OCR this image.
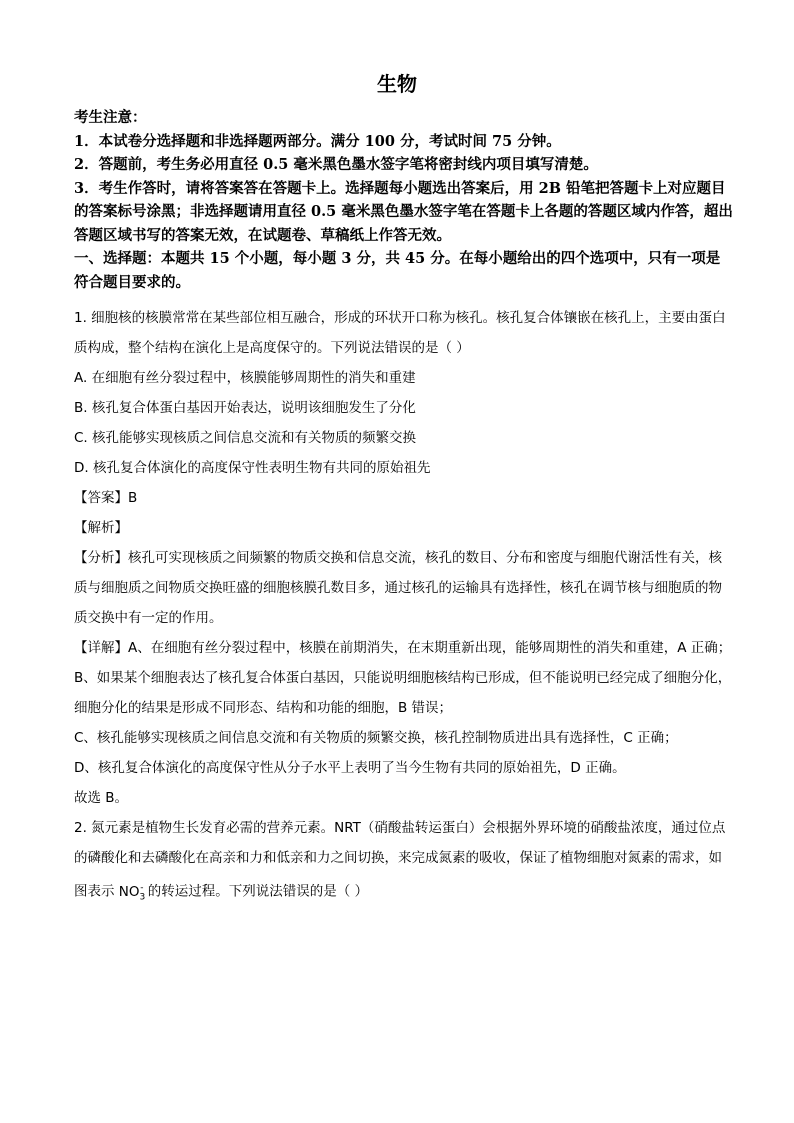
生物

考生注意：

1．本试卷分选择题和非选择题两部分。满分 100 分，考试时间 75 分钟。

2．答题前，考生务必用直径 0.5 毫米黑色墨水签字笔将密封线内项目填写清楚。

3．考生作答时，请将答案答在答题卡上。选择题每小题选出答案后，用 2B 铅笔把答题卡上对应题目的答案标号涂黑；非选择题请用直径 0.5 毫米黑色墨水签字笔在答题卡上各题的答题区域内作答，超出答题区域书写的答案无效，在试题卷、草稿纸上作答无效。

一、选择题：本题共 15 个小题，每小题 3 分，共 45 分。在每小题给出的四个选项中，只有一项是符合题目要求的。

1. 细胞核的核膜常常在某些部位相互融合，形成的环状开口称为核孔。核孔复合体镶嵌在核孔上，主要由蛋白质构成，整个结构在演化上是高度保守的。下列说法错误的是（ ）

A. 在细胞有丝分裂过程中，核膜能够周期性的消失和重建

B. 核孔复合体蛋白基因开始表达，说明该细胞发生了分化

C. 核孔能够实现核质之间信息交流和有关物质的频繁交换

D. 核孔复合体演化的高度保守性表明生物有共同的原始祖先

【答案】B

【解析】

【分析】核孔可实现核质之间频繁的物质交换和信息交流，核孔的数目、分布和密度与细胞代谢活性有关，核质与细胞质之间物质交换旺盛的细胞核膜孔数目多，通过核孔的运输具有选择性，核孔在调节核与细胞质的物质交换中有一定的作用。

【详解】A、在细胞有丝分裂过程中，核膜在前期消失，在末期重新出现，能够周期性的消失和重建，A 正确；

B、如果某个细胞表达了核孔复合体蛋白基因，只能说明细胞核结构已形成，但不能说明已经完成了细胞分化，细胞分化的结果是形成不同形态、结构和功能的细胞，B 错误；

C、核孔能够实现核质之间信息交流和有关物质的频繁交换，核孔控制物质进出具有选择性，C 正确；

D、核孔复合体演化的高度保守性从分子水平上表明了当今生物有共同的原始祖先，D 正确。

故选 B。

2. 氮元素是植物生长发育必需的营养元素。NRT（硝酸盐转运蛋白）会根据外界环境的硝酸盐浓度，通过位点的磷酸化和去磷酸化在高亲和力和低亲和力之间切换，来完成氮素的吸收，保证了植物细胞对氮素的需求，如图表示 $NO_3^-$ 的转运过程。下列说法错误的是（ ）
